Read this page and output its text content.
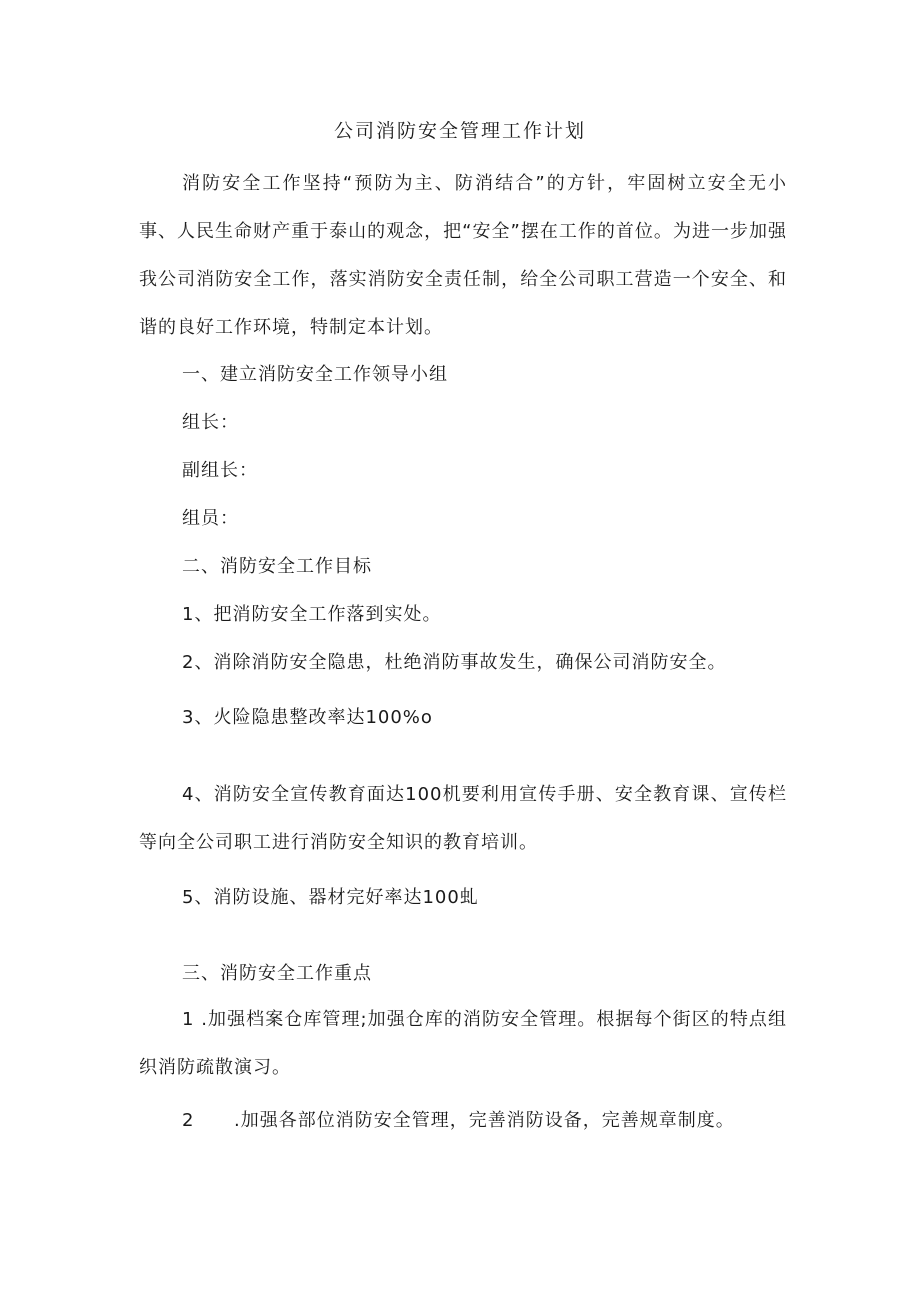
公司消防安全管理工作计划
消防安全工作坚持“预防为主、防消结合”的方针，牢固树立安全无小事、人民生命财产重于泰山的观念，把“安全”摆在工作的首位。为进一步加强我公司消防安全工作，落实消防安全责任制，给全公司职工营造一个安全、和谐的良好工作环境，特制定本计划。
一、建立消防安全工作领导小组
组长：
副组长：
组员：
二、消防安全工作目标
1、把消防安全工作落到实处。
2、消除消防安全隐患，杜绝消防事故发生，确保公司消防安全。
3、火险隐患整改率达100%o
4、消防安全宣传教育面达100机要利用宣传手册、安全教育课、宣传栏等向全公司职工进行消防安全知识的教育培训。
5、消防设施、器材完好率达100虬
三、消防安全工作重点
1 .加强档案仓库管理;加强仓库的消防安全管理。根据每个街区的特点组织消防疏散演习。
2 .加强各部位消防安全管理，完善消防设备，完善规章制度。
